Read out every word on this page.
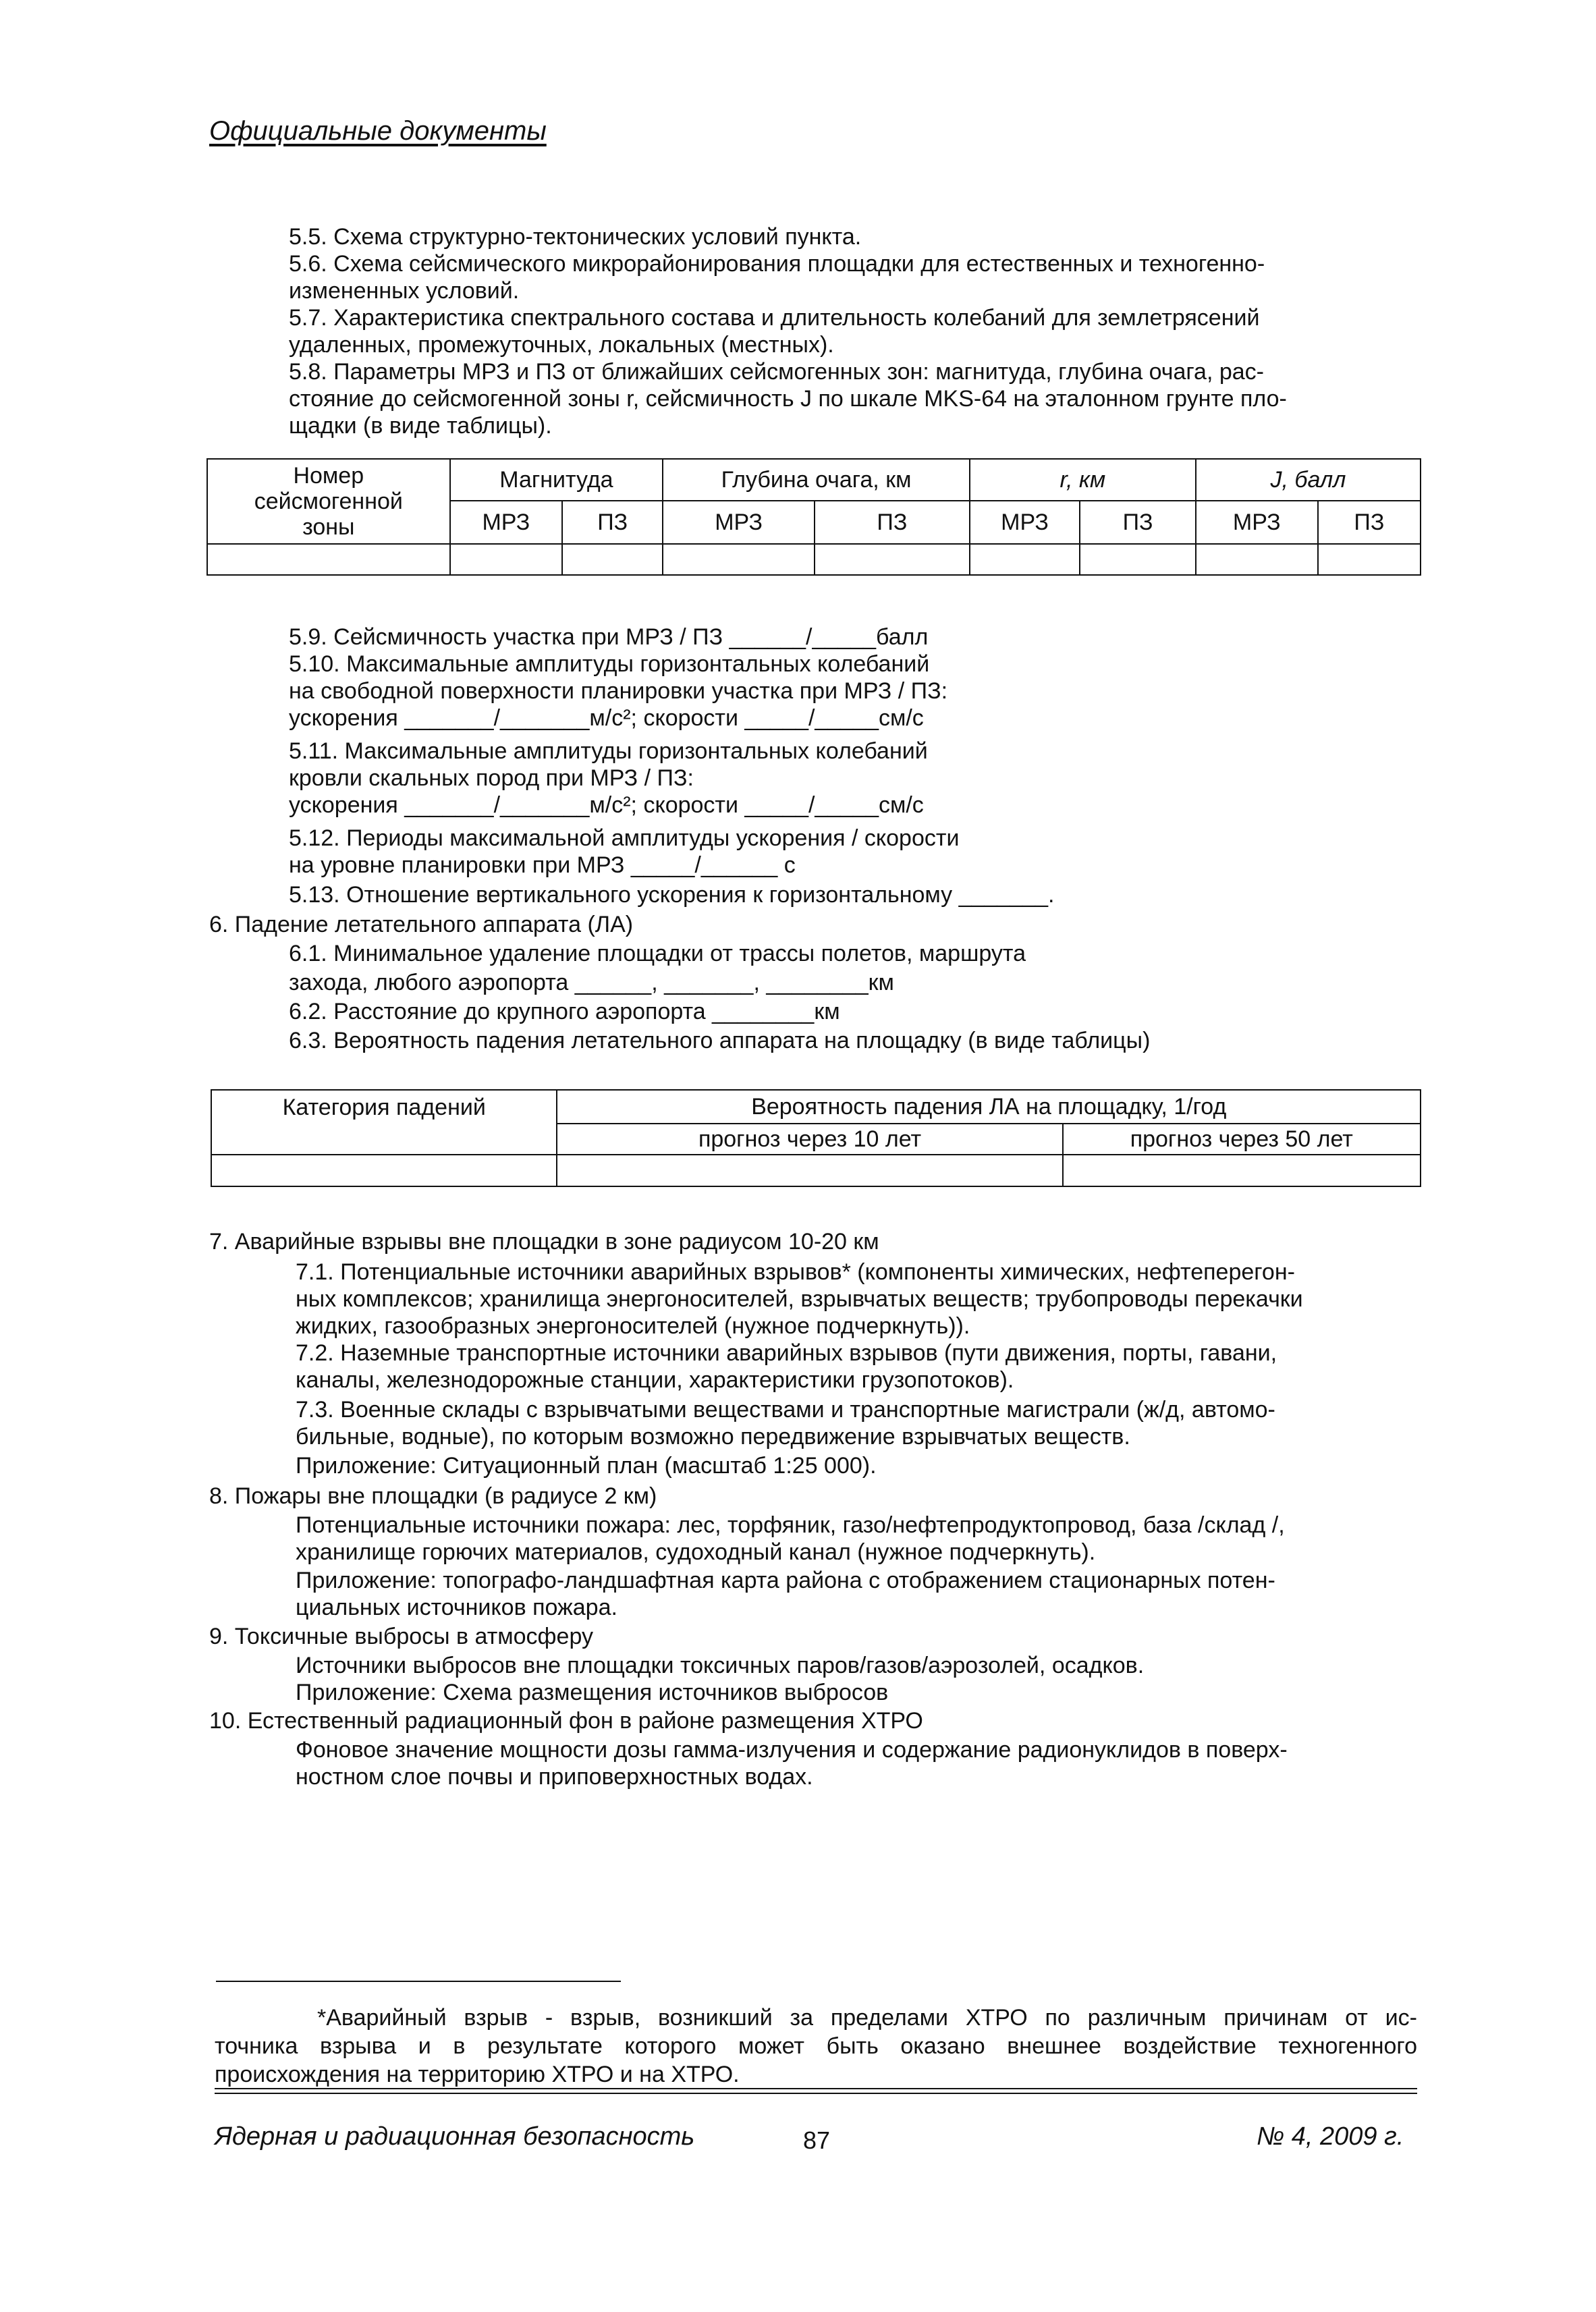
Официальные документы
5.5. Схема структурно-тектонических условий пункта.
5.6. Схема сейсмического микрорайонирования площадки для естественных и техногенно-
измененных условий.
5.7. Характеристика спектрального состава и длительность колебаний для землетрясений
удаленных, промежуточных, локальных (местных).
5.8. Параметры МРЗ и ПЗ от ближайших сейсмогенных зон: магнитуда, глубина очага, рас-
стояние до сейсмогенной зоны r, сейсмичность J по шкале MKS-64 на эталонном грунте пло-
щадки (в виде таблицы).
Номер
сейсмогенной
зоны	Магнитуда		Глубина очага, км		r, км		J, балл	
	МРЗ	ПЗ	МРЗ	ПЗ	МРЗ	ПЗ	МРЗ	ПЗ

5.9. Сейсмичность участка при МРЗ / ПЗ ______/_____балл
5.10. Максимальные амплитуды горизонтальных колебаний
на свободной поверхности планировки участка при МРЗ / ПЗ:
ускорения _______/_______м/с²; скорости _____/_____см/с
5.11. Максимальные амплитуды горизонтальных колебаний
кровли скальных пород при МРЗ / ПЗ:
ускорения _______/_______м/с²; скорости _____/_____см/с
5.12. Периоды максимальной амплитуды ускорения / скорости
на уровне планировки при МРЗ _____/______ с
5.13. Отношение вертикального ускорения к горизонтальному _______.
6. Падение летательного аппарата (ЛА)
6.1. Минимальное удаление площадки от трассы полетов, маршрута
захода, любого аэропорта ______, _______, ________км
6.2. Расстояние до крупного аэропорта ________км
6.3. Вероятность падения летательного аппарата на площадку (в виде таблицы)
Категория падений	Вероятность падения ЛА на площадку, 1/год	
	прогноз через 10 лет	прогноз через 50 лет

7. Аварийные взрывы вне площадки в зоне радиусом 10-20 км
7.1. Потенциальные источники аварийных взрывов* (компоненты химических, нефтеперегон-
ных комплексов; хранилища энергоносителей, взрывчатых веществ; трубопроводы перекачки
жидких, газообразных энергоносителей (нужное подчеркнуть)).
7.2. Наземные транспортные источники аварийных взрывов (пути движения, порты, гавани,
каналы, железнодорожные станции, характеристики грузопотоков).
7.3. Военные склады с взрывчатыми веществами и транспортные магистрали (ж/д, автомо-
бильные, водные), по которым возможно передвижение взрывчатых веществ.
Приложение: Ситуационный план (масштаб 1:25 000).
8. Пожары вне площадки (в радиусе 2 км)
Потенциальные источники пожара: лес, торфяник, газо/нефтепродуктопровод, база /склад /,
хранилище горючих материалов, судоходный канал (нужное подчеркнуть).
Приложение: топографо-ландшафтная карта района с отображением стационарных потен-
циальных источников пожара.
9. Токсичные выбросы в атмосферу
Источники выбросов вне площадки токсичных паров/газов/аэрозолей, осадков.
Приложение: Схема размещения источников выбросов
10. Естественный радиационный фон в районе размещения ХТРО
Фоновое значение мощности дозы гамма-излучения и содержание радионуклидов в поверх-
ностном слое почвы и приповерхностных водах.
*Аварийный взрыв - взрыв, возникший за пределами ХТРО по различным причинам от ис-
точника взрыва и в результате которого может быть оказано внешнее воздействие техногенного
происхождения на территорию ХТРО и на ХТРО.
Ядерная и радиационная безопасность	87	№ 4, 2009 г.
